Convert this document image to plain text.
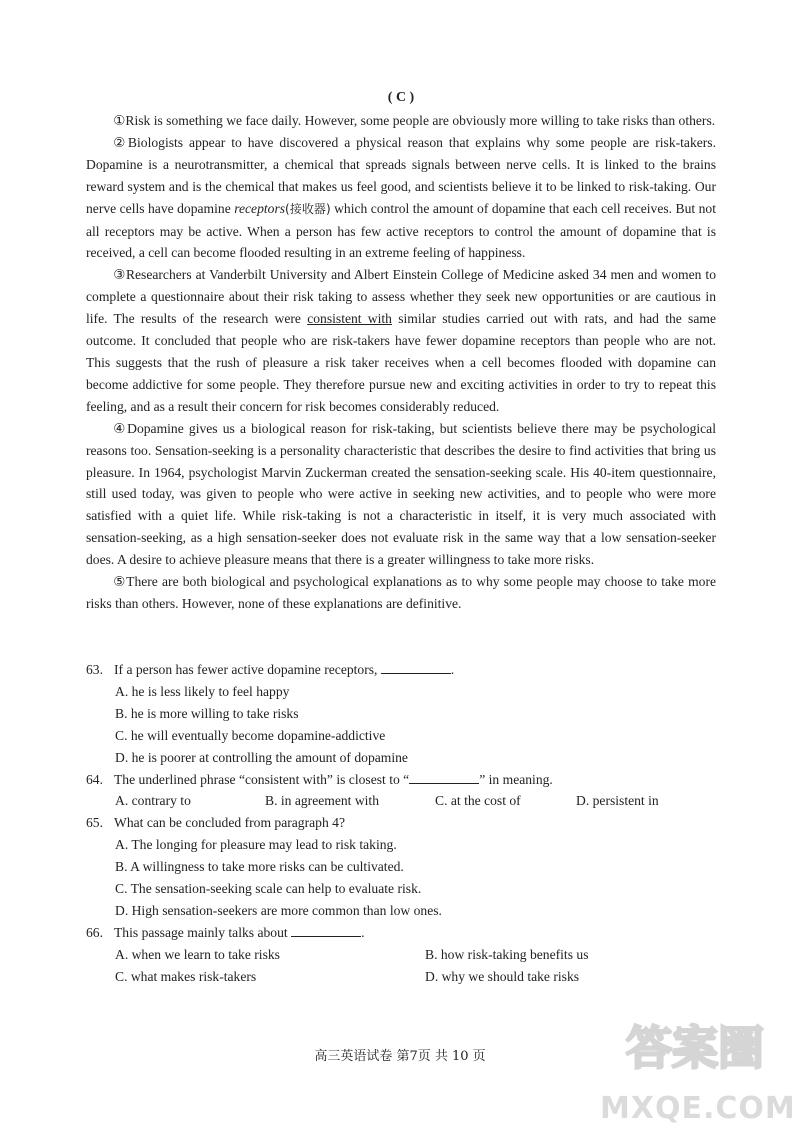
( C )

①Risk is something we face daily. However, some people are obviously more willing to take risks than others.

②Biologists appear to have discovered a physical reason that explains why some people are risk-takers. Dopamine is a neurotransmitter, a chemical that spreads signals between nerve cells. It is linked to the brains reward system and is the chemical that makes us feel good, and scientists believe it to be linked to risk-taking. Our nerve cells have dopamine receptors(接收器) which control the amount of dopamine that each cell receives. But not all receptors may be active. When a person has few active receptors to control the amount of dopamine that is received, a cell can become flooded resulting in an extreme feeling of happiness.

③Researchers at Vanderbilt University and Albert Einstein College of Medicine asked 34 men and women to complete a questionnaire about their risk taking to assess whether they seek new opportunities or are cautious in life. The results of the research were consistent with similar studies carried out with rats, and had the same outcome. It concluded that people who are risk-takers have fewer dopamine receptors than people who are not. This suggests that the rush of pleasure a risk taker receives when a cell becomes flooded with dopamine can become addictive for some people. They therefore pursue new and exciting activities in order to try to repeat this feeling, and as a result their concern for risk becomes considerably reduced.

④Dopamine gives us a biological reason for risk-taking, but scientists believe there may be psychological reasons too. Sensation-seeking is a personality characteristic that describes the desire to find activities that bring us pleasure. In 1964, psychologist Marvin Zuckerman created the sensation-seeking scale. His 40-item questionnaire, still used today, was given to people who were active in seeking new activities, and to people who were more satisfied with a quiet life. While risk-taking is not a characteristic in itself, it is very much associated with sensation-seeking, as a high sensation-seeker does not evaluate risk in the same way that a low sensation-seeker does. A desire to achieve pleasure means that there is a greater willingness to take more risks.

⑤There are both biological and psychological explanations as to why some people may choose to take more risks than others. However, none of these explanations are definitive.

63. If a person has fewer active dopamine receptors,	.
A. he is less likely to feel happy
B. he is more willing to take risks
C. he will eventually become dopamine-addictive
D. he is poorer at controlling the amount of dopamine
64. The underlined phrase “consistent with” is closest to “	” in meaning.
A. contrary to	B. in agreement with	C. at the cost of	D. persistent in
65. What can be concluded from paragraph 4?
A. The longing for pleasure may lead to risk taking.
B. A willingness to take more risks can be cultivated.
C. The sensation-seeking scale can help to evaluate risk.
D. High sensation-seekers are more common than low ones.
66. This passage mainly talks about	.
A. when we learn to take risks	B. how risk-taking benefits us
C. what makes risk-takers	D. why we should take risks
高三英语试卷 第7页 共 10 页	答案圈
MXQE.COM
